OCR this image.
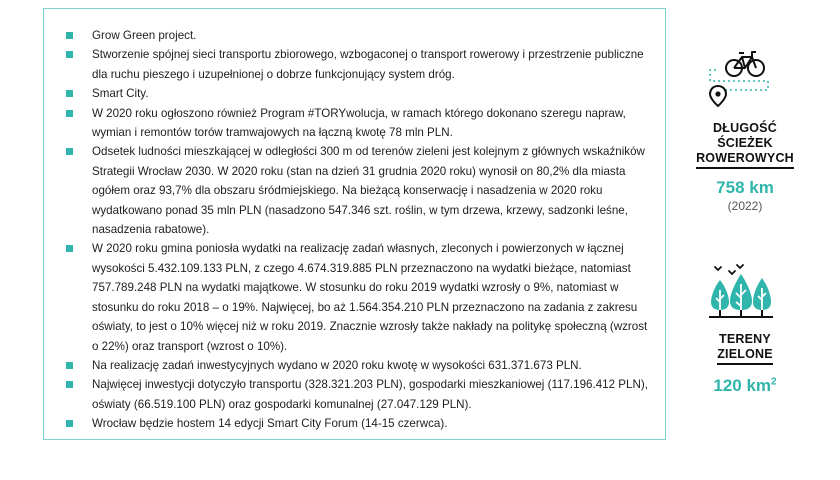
Grow Green project.
Stworzenie spójnej sieci transportu zbiorowego, wzbogaconej o transport rowerowy i przestrzenie publiczne dla ruchu pieszego i uzupełnionej o dobrze funkcjonujący system dróg.
Smart City.
W 2020 roku ogłoszono również Program #TORYwolucja, w ramach którego dokonano szeregu napraw, wymian i remontów torów tramwajowych na łączną kwotę 78 mln PLN.
Odsetek ludności mieszkającej w odległości 300 m od terenów zieleni jest kolejnym z głównych wskaźników Strategii Wrocław 2030. W 2020 roku (stan na dzień 31 grudnia 2020 roku) wynosił on 80,2% dla miasta ogółem oraz 93,7% dla obszaru śródmiejskiego. Na bieżącą konserwację i nasadzenia w 2020 roku wydatkowano ponad 35 mln PLN (nasadzono 547.346 szt. roślin, w tym drzewa, krzewy, sadzonki leśne, nasadzenia rabatowe).
W 2020 roku gmina poniosła wydatki na realizację zadań własnych, zleconych i powierzonych w łącznej wysokości 5.432.109.133 PLN, z czego 4.674.319.885 PLN przeznaczono na wydatki bieżące, natomiast 757.789.248 PLN na wydatki majątkowe. W stosunku do roku 2019 wydatki wzrosły o 9%, natomiast w stosunku do roku 2018 – o 19%. Najwięcej, bo aż 1.564.354.210 PLN przeznaczono na zadania z zakresu oświaty, to jest o 10% więcej niż w roku 2019. Znacznie wzrosły także nakłady na politykę społeczną (wzrost o 22%) oraz transport (wzrost o 10%).
Na realizację zadań inwestycyjnych wydano w 2020 roku kwotę w wysokości 631.371.673 PLN.
Najwięcej inwestycji dotyczyło transportu (328.321.203 PLN), gospodarki mieszkaniowej (117.196.412 PLN), oświaty (66.519.100 PLN) oraz gospodarki komunalnej (27.047.129 PLN).
Wrocław będzie hostem 14 edycji Smart City Forum (14-15 czerwca).
DŁUGOŚĆ
ŚCIEŻEK
ROWEROWYCH
758 km
(2022)
TERENY
ZIELONE
120 $km^2$
